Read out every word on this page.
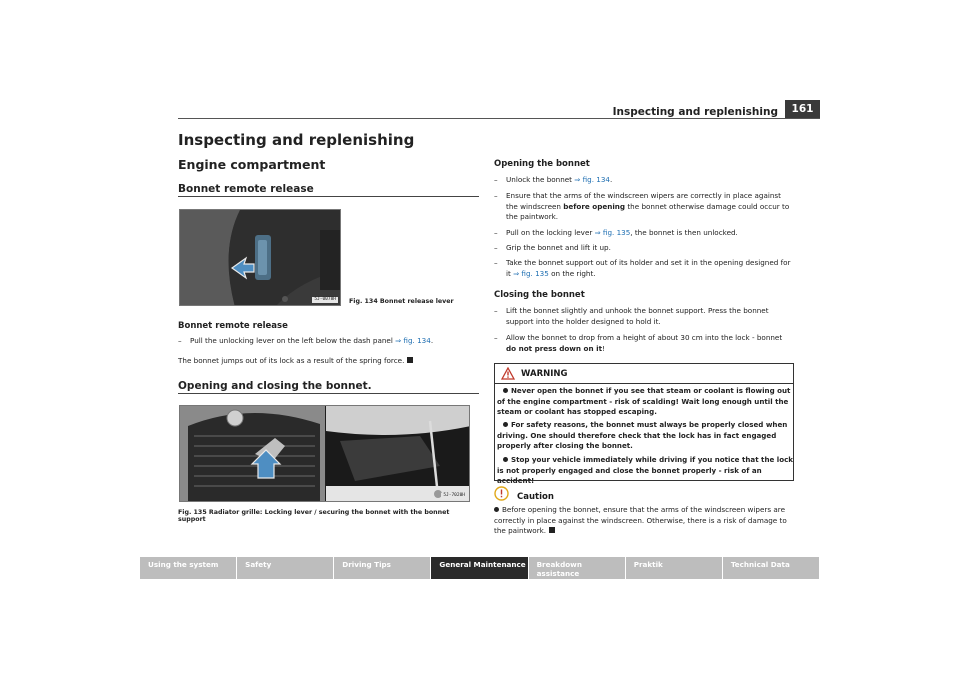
Inspecting and replenishing	161
Inspecting and replenishing
Engine compartment
Bonnet remote release
5J-0078H	Fig. 134 Bonnet release lever
Bonnet remote release
– Pull the unlocking lever on the left below the dash panel ⇒ fig. 134.
The bonnet jumps out of its lock as a result of the spring force.
Opening and closing the bonnet.
5J-7020H
Fig. 135 Radiator grille: Locking lever / securing the bonnet with the bonnet support
Opening the bonnet
– Unlock the bonnet ⇒ fig. 134.
– Ensure that the arms of the windscreen wipers are correctly in place against the windscreen before opening the bonnet otherwise damage could occur to the paintwork.
– Pull on the locking lever ⇒ fig. 135, the bonnet is then unlocked.
– Grip the bonnet and lift it up.
– Take the bonnet support out of its holder and set it in the opening designed for it ⇒ fig. 135 on the right.
Closing the bonnet
– Lift the bonnet slightly and unhook the bonnet support. Press the bonnet support into the holder designed to hold it.
– Allow the bonnet to drop from a height of about 30 cm into the lock - bonnet do not press down on it!
WARNING
Never open the bonnet if you see that steam or coolant is flowing out of the engine compartment - risk of scalding! Wait long enough until the steam or coolant has stopped escaping.
For safety reasons, the bonnet must always be properly closed when driving. One should therefore check that the lock has in fact engaged properly after closing the bonnet.
Stop your vehicle immediately while driving if you notice that the lock is not properly engaged and close the bonnet properly - risk of an accident!
Caution
Before opening the bonnet, ensure that the arms of the windscreen wipers are correctly in place against the windscreen. Otherwise, there is a risk of damage to the paintwork.
Using the system	Safety	Driving Tips	General Maintenance	Breakdown assistance
Praktik	Technical Data
